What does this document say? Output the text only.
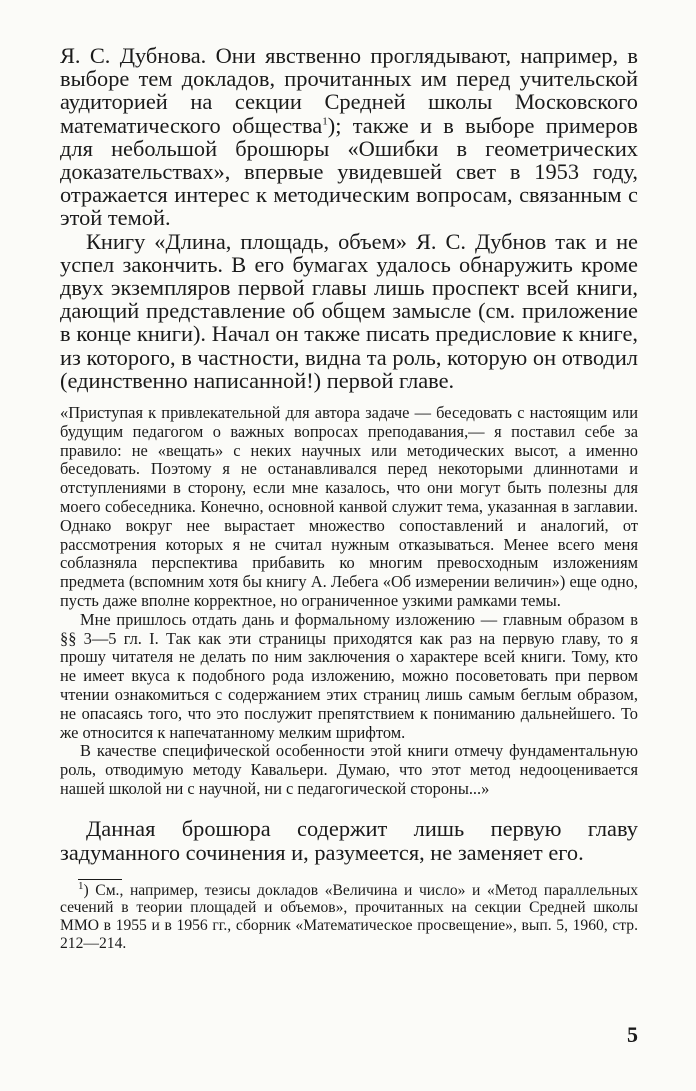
Я. С. Дубнова. Они явственно проглядывают, например, в выборе тем докладов, прочитанных им перед учительской аудиторией на секции Средней школы Московского математического общества$^1$); также и в выборе примеров для небольшой брошюры «Ошибки в геометрических доказательствах», впервые увидевшей свет в 1953 году, отражается интерес к методическим вопросам, связанным с этой темой.

Книгу «Длина, площадь, объем» Я. С. Дубнов так и не успел закончить. В его бумагах удалось обнаружить кроме двух экземпляров первой главы лишь проспект всей книги, дающий представление об общем замысле (см. приложение в конце книги). Начал он также писать предисловие к книге, из которого, в частности, видна та роль, которую он отводил (единственно написанной!) первой главе.

«Приступая к привлекательной для автора задаче — беседовать с настоящим или будущим педагогом о важных вопросах преподавания,— я поставил себе за правило: не «вещать» с неких научных или методических высот, а именно беседовать. Поэтому я не останавливался перед некоторыми длиннотами и отступлениями в сторону, если мне казалось, что они могут быть полезны для моего собеседника. Конечно, основной канвой служит тема, указанная в заглавии. Однако вокруг нее вырастает множество сопоставлений и аналогий, от рассмотрения которых я не считал нужным отказываться. Менее всего меня соблазняла перспектива прибавить ко многим превосходным изложениям предмета (вспомним хотя бы книгу А. Лебега «Об измерении величин») еще одно, пусть даже вполне корректное, но ограниченное узкими рамками темы.

Мне пришлось отдать дань и формальному изложению — главным образом в §§ 3—5 гл. I. Так как эти страницы приходятся как раз на первую главу, то я прошу читателя не делать по ним заключения о характере всей книги. Тому, кто не имеет вкуса к подобного рода изложению, можно посоветовать при первом чтении ознакомиться с содержанием этих страниц лишь самым беглым образом, не опасаясь того, что это послужит препятствием к пониманию дальнейшего. То же относится к напечатанному мелким шрифтом.

В качестве специфической особенности этой книги отмечу фундаментальную роль, отводимую методу Кавальери. Думаю, что этот метод недооценивается нашей школой ни с научной, ни с педагогической стороны...»

Данная брошюра содержит лишь первую главу задуманного сочинения и, разумеется, не заменяет его.

$^1$) См., например, тезисы докладов «Величина и число» и «Метод параллельных сечений в теории площадей и объемов», прочитанных на секции Средней школы ММО в 1955 и в 1956 гг., сборник «Математическое просвещение», вып. 5, 1960, стр. 212—214.

5
